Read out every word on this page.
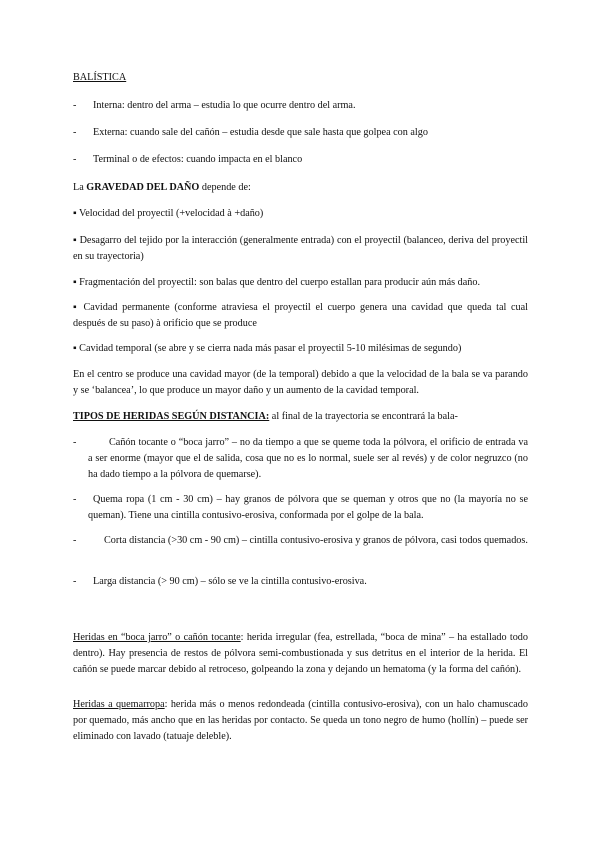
BALÍSTICA
-	Interna: dentro del arma – estudia lo que ocurre dentro del arma.

-	Externa: cuando sale del cañón – estudia desde que sale hasta que golpea con algo

-	Terminal o de efectos: cuando impacta en el blanco

La GRAVEDAD DEL DAÑO depende de:

▪ Velocidad del proyectil (+velocidad à +daño)

▪ Desagarro del tejido por la interacción (generalmente entrada) con el proyectil (balanceo, deriva del proyectil en su trayectoria)

▪ Fragmentación del proyectil: son balas que dentro del cuerpo estallan para producir aún más daño.

▪ Cavidad permanente (conforme atraviesa el proyectil el cuerpo genera una cavidad que queda tal cual después de su paso) à orificio que se produce

▪ Cavidad temporal (se abre y se cierra nada más pasar el proyectil 5-10 milésimas de segundo)

En el centro se produce una cavidad mayor (de la temporal) debido a que la velocidad de la bala se va parando y se ‘balancea’, lo que produce un mayor daño y un aumento de la cavidad temporal.

TIPOS DE HERIDAS SEGÚN DISTANCIA: al final de la trayectoria se encontrará la bala-

-	Cañón tocante o “boca jarro” – no da tiempo a que se queme toda la pólvora, el orificio de entrada va a ser enorme (mayor que el de salida, cosa que no es lo normal, suele ser al revés) y de color negruzco (no ha dado tiempo a la pólvora de quemarse).

-	Quema ropa (1 cm - 30 cm) – hay granos de pólvora que se queman y otros que no (la mayoría no se queman). Tiene una cintilla contusivo-erosiva, conformada por el golpe de la bala.

-	Corta distancia (>30 cm - 90 cm) – cintilla contusivo-erosiva y granos de pólvora, casi todos quemados.

-	Larga distancia (> 90 cm) – sólo se ve la cintilla contusivo-erosiva.

Heridas en “boca jarro” o cañón tocante: herida irregular (fea, estrellada, “boca de mina” – ha estallado todo dentro). Hay presencia de restos de pólvora semi-combustionada y sus detritus en el interior de la herida. El cañón se puede marcar debido al retroceso, golpeando la zona y dejando un hematoma (y la forma del cañón).

Heridas a quemarropa: herida más o menos redondeada (cintilla contusivo-erosiva), con un halo chamuscado por quemado, más ancho que en las heridas por contacto. Se queda un tono negro de humo (hollín) – puede ser eliminado con lavado (tatuaje deleble).
